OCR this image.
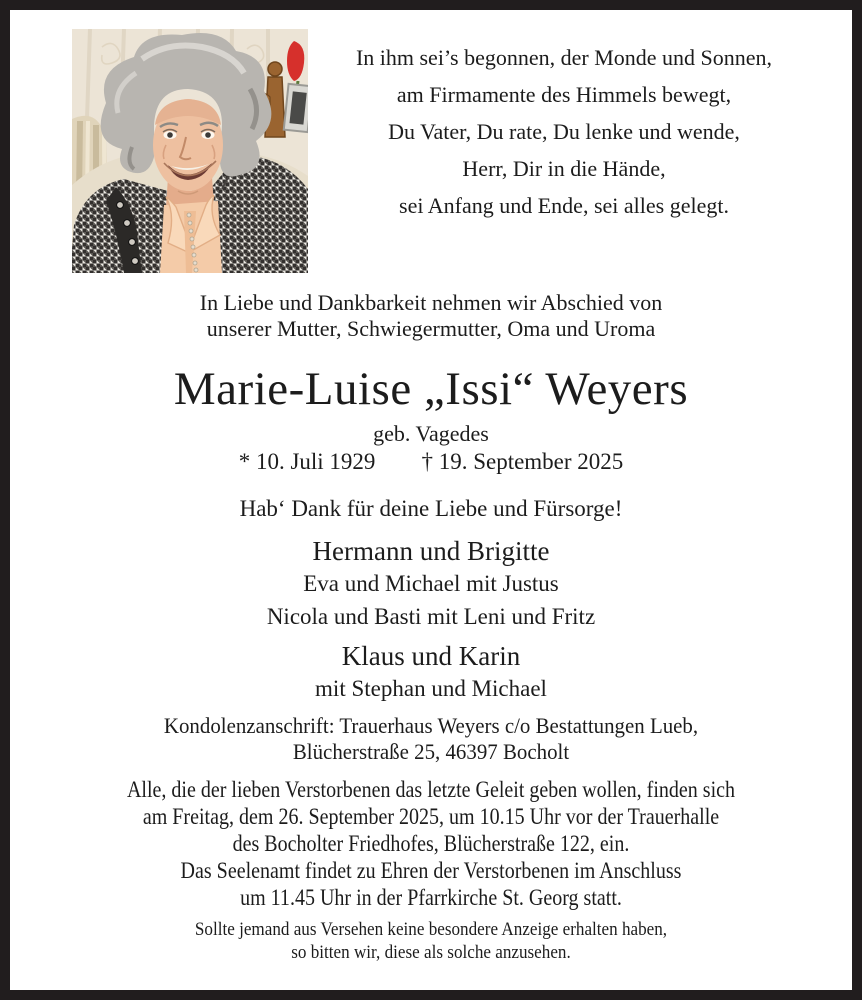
In ihm sei’s begonnen, der Monde und Sonnen,
am Firmamente des Himmels bewegt,
Du Vater, Du rate, Du lenke und wende,
Herr, Dir in die Hände,
sei Anfang und Ende, sei alles gelegt.
In Liebe und Dankbarkeit nehmen wir Abschied von
unserer Mutter, Schwiegermutter, Oma und Uroma
Marie-Luise „Issi“ Weyers
geb. Vagedes
* 10. Juli 1929 † 19. September 2025
Hab‘ Dank für deine Liebe und Fürsorge!
Hermann und Brigitte
Eva und Michael mit Justus
Nicola und Basti mit Leni und Fritz
Klaus und Karin
mit Stephan und Michael
Kondolenzanschrift: Trauerhaus Weyers c/o Bestattungen Lueb,
Blücherstraße 25, 46397 Bocholt
Alle, die der lieben Verstorbenen das letzte Geleit geben wollen, finden sich
am Freitag, dem 26. September 2025, um 10.15 Uhr vor der Trauerhalle
des Bocholter Friedhofes, Blücherstraße 122, ein.
Das Seelenamt findet zu Ehren der Verstorbenen im Anschluss
um 11.45 Uhr in der Pfarrkirche St. Georg statt.
Sollte jemand aus Versehen keine besondere Anzeige erhalten haben,
so bitten wir, diese als solche anzusehen.
